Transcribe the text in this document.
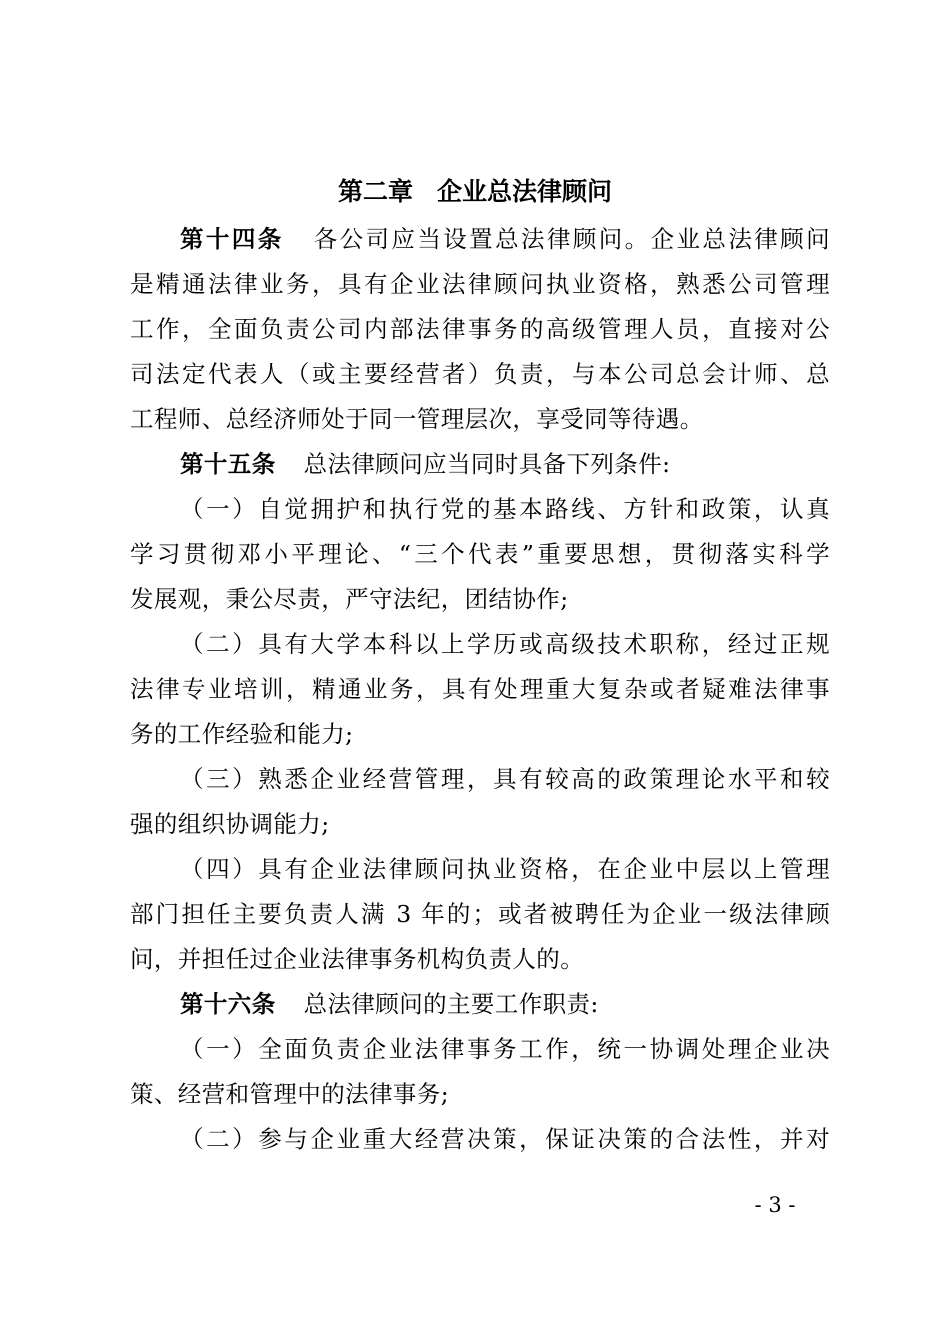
第二章 企业总法律顾问
第十四条 各公司应当设置总法律顾问。企业总法律顾问
是精通法律业务，具有企业法律顾问执业资格，熟悉公司管理
工作，全面负责公司内部法律事务的高级管理人员，直接对公
司法定代表人（或主要经营者）负责，与本公司总会计师、总
工程师、总经济师处于同一管理层次，享受同等待遇。
第十五条 总法律顾问应当同时具备下列条件:
（一）自觉拥护和执行党的基本路线、方针和政策，认真
学习贯彻邓小平理论、“三个代表”重要思想，贯彻落实科学
发展观，秉公尽责，严守法纪，团结协作;
（二）具有大学本科以上学历或高级技术职称，经过正规
法律专业培训，精通业务，具有处理重大复杂或者疑难法律事
务的工作经验和能力;
（三）熟悉企业经营管理，具有较高的政策理论水平和较
强的组织协调能力;
（四）具有企业法律顾问执业资格，在企业中层以上管理
部门担任主要负责人满 3 年的；或者被聘任为企业一级法律顾
问，并担任过企业法律事务机构负责人的。
第十六条 总法律顾问的主要工作职责:
（一）全面负责企业法律事务工作，统一协调处理企业决
策、经营和管理中的法律事务;
（二）参与企业重大经营决策，保证决策的合法性，并对
- 3 -
